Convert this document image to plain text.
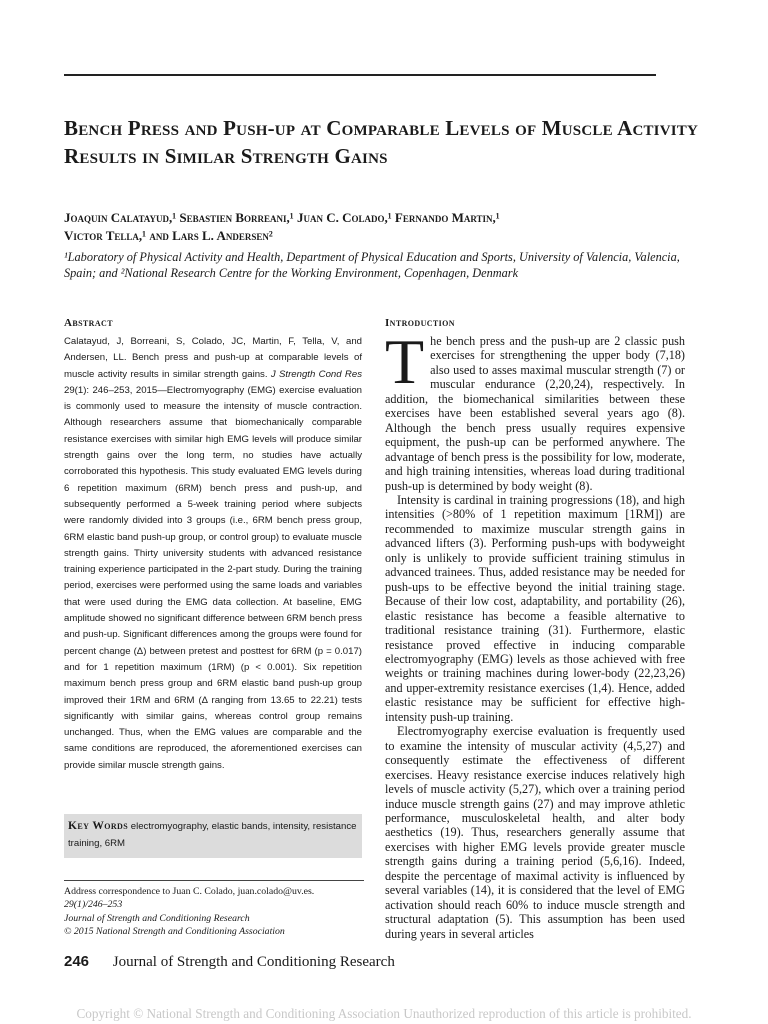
Bench Press and Push-up at Comparable Levels of Muscle Activity Results in Similar Strength Gains
Joaquin Calatayud,¹ Sebastien Borreani,¹ Juan C. Colado,¹ Fernando Martin,¹
Victor Tella,¹ and Lars L. Andersen²
¹Laboratory of Physical Activity and Health, Department of Physical Education and Sports, University of Valencia, Valencia, Spain; and ²National Research Centre for the Working Environment, Copenhagen, Denmark
Abstract
Calatayud, J, Borreani, S, Colado, JC, Martin, F, Tella, V, and Andersen, LL. Bench press and push-up at comparable levels of muscle activity results in similar strength gains. J Strength Cond Res 29(1): 246–253, 2015—Electromyography (EMG) exercise evaluation is commonly used to measure the intensity of muscle contraction. Although researchers assume that biomechanically comparable resistance exercises with similar high EMG levels will produce similar strength gains over the long term, no studies have actually corroborated this hypothesis. This study evaluated EMG levels during 6 repetition maximum (6RM) bench press and push-up, and subsequently performed a 5-week training period where subjects were randomly divided into 3 groups (i.e., 6RM bench press group, 6RM elastic band push-up group, or control group) to evaluate muscle strength gains. Thirty university students with advanced resistance training experience participated in the 2-part study. During the training period, exercises were performed using the same loads and variables that were used during the EMG data collection. At baseline, EMG amplitude showed no significant difference between 6RM bench press and push-up. Significant differences among the groups were found for percent change (Δ) between pretest and posttest for 6RM (p = 0.017) and for 1 repetition maximum (1RM) (p < 0.001). Six repetition maximum bench press group and 6RM elastic band push-up group improved their 1RM and 6RM (Δ ranging from 13.65 to 22.21) tests significantly with similar gains, whereas control group remains unchanged. Thus, when the EMG values are comparable and the same conditions are reproduced, the aforementioned exercises can provide similar muscle strength gains.
Key Words electromyography, elastic bands, intensity, resistance training, 6RM
Address correspondence to Juan C. Colado, juan.colado@uv.es.
29(1)/246–253
Journal of Strength and Conditioning Research
© 2015 National Strength and Conditioning Association
246 Journal of Strength and Conditioning Research
Introduction

The bench press and the push-up are 2 classic push exercises for strengthening the upper body (7,18) also used to asses maximal muscular strength (7) or muscular endurance (2,20,24), respectively. In addition, the biomechanical similarities between these exercises have been established several years ago (8). Although the bench press usually requires expensive equipment, the push-up can be performed anywhere. The advantage of bench press is the possibility for low, moderate, and high training intensities, whereas load during traditional push-up is determined by body weight (8).

Intensity is cardinal in training progressions (18), and high intensities (>80% of 1 repetition maximum [1RM]) are recommended to maximize muscular strength gains in advanced lifters (3). Performing push-ups with bodyweight only is unlikely to provide sufficient training stimulus in advanced trainees. Thus, added resistance may be needed for push-ups to be effective beyond the initial training stage. Because of their low cost, adaptability, and portability (26), elastic resistance has become a feasible alternative to traditional resistance training (31). Furthermore, elastic resistance proved effective in inducing comparable electromyography (EMG) levels as those achieved with free weights or training machines during lower-body (22,23,26) and upper-extremity resistance exercises (1,4). Hence, added elastic resistance may be sufficient for effective high-intensity push-up training.

Electromyography exercise evaluation is frequently used to examine the intensity of muscular activity (4,5,27) and consequently estimate the effectiveness of different exercises. Heavy resistance exercise induces relatively high levels of muscle activity (5,27), which over a training period induce muscle strength gains (27) and may improve athletic performance, musculoskeletal health, and alter body aesthetics (19). Thus, researchers generally assume that exercises with higher EMG levels provide greater muscle strength gains during a training period (5,6,16). Indeed, despite the percentage of maximal activity is influenced by several variables (14), it is considered that the level of EMG activation should reach 60% to induce muscle strength and structural adaptation (5). This assumption has been used during years in several articles

Copyright © National Strength and Conditioning Association Unauthorized reproduction of this article is prohibited.
